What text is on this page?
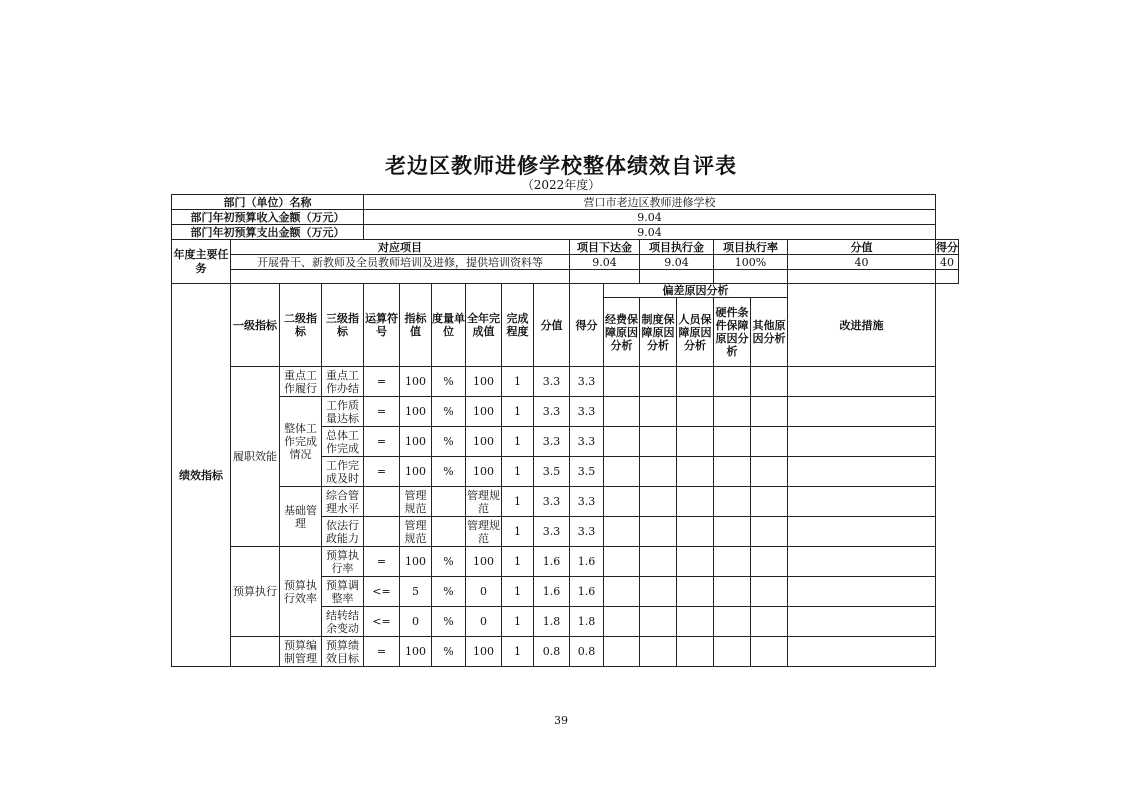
老边区教师进修学校整体绩效自评表
（2022年度）
部门（单位）名称				营口市老边区教师进修学校													
部门年初预算收入金额（万元）				9.04													
部门年初预算支出金额（万元）				9.04													
年度主要任务	对应项目									项目下达金		项目执行金		项目执行率		分值	得分
	开展骨干、新教师及全员教师培训及进修，提供培训资料等									9.04		9.04		100%		40	40

绩效指标	一级指标	二级指标	三级指标	运算符号	指标值	度量单位	全年完成值	完成程度	分值	得分	偏差原因分析					改进措施	
											经费保障原因分析	制度保障原因分析	人员保障原因分析	硬件条件保障原因分析	其他原因分析		
	履职效能	重点工作履行	重点工作办结	=	100	%	100	1	3.3	3.3							
		整体工作完成情况	工作质量达标	=	100	%	100	1	3.3	3.3							
			总体工作完成	=	100	%	100	1	3.3	3.3							
			工作完成及时	=	100	%	100	1	3.5	3.5							
		基础管理	综合管理水平		管理规范		管理规范	1	3.3	3.3							
			依法行政能力		管理规范		管理规范	1	3.3	3.3							
	预算执行	预算执行效率	预算执行率	=	100	%	100	1	1.6	1.6							
			预算调整率	<=	5	%	0	1	1.6	1.6							
			结转结余变动	<=	0	%	0	1	1.8	1.8							
		预算编制管理	预算绩效目标	=	100	%	100	1	0.8	0.8							
39
